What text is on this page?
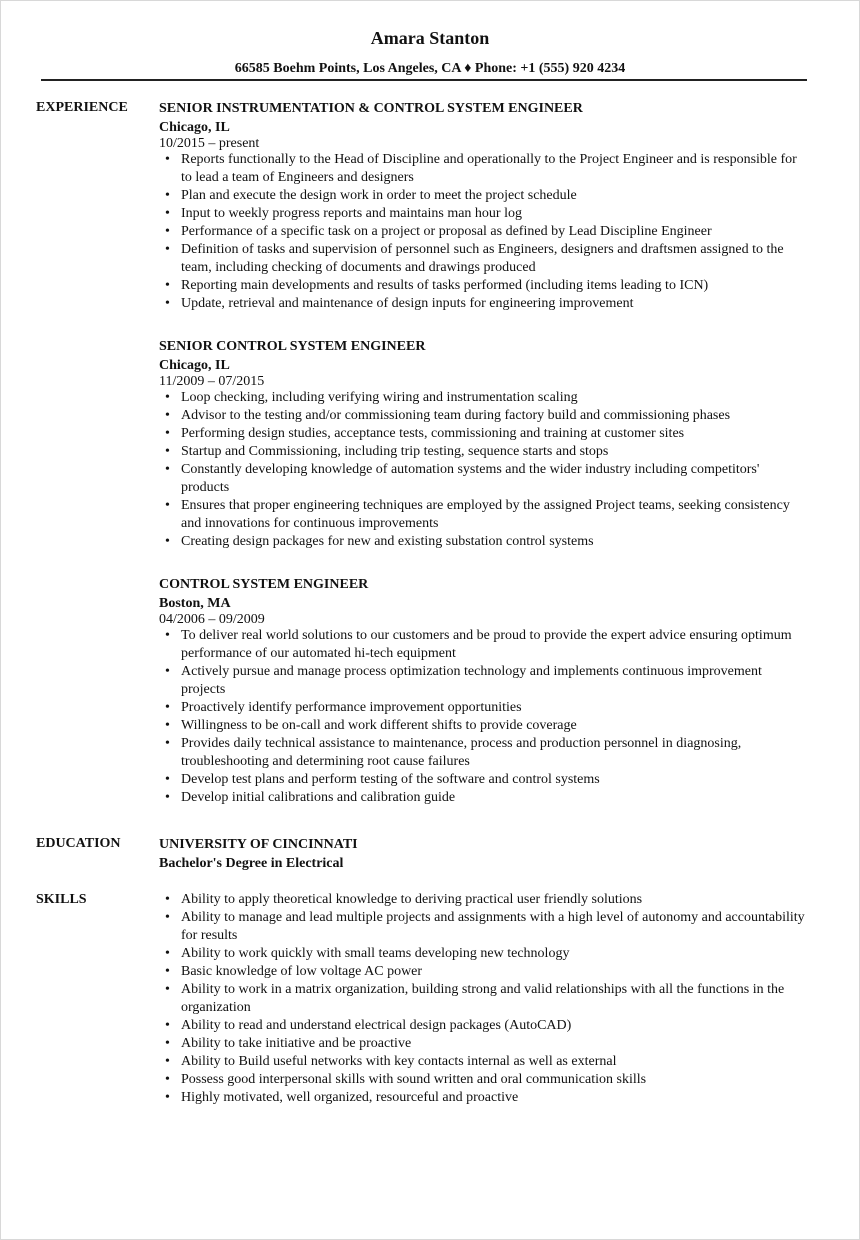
Amara Stanton
66585 Boehm Points, Los Angeles, CA ♦ Phone: +1 (555) 920 4234
EXPERIENCE SENIOR INSTRUMENTATION & CONTROL SYSTEM ENGINEER
Chicago, IL
10/2015 – present
• Reports functionally to the Head of Discipline and operationally to the Project Engineer and is responsible for to lead a team of Engineers and designers
• Plan and execute the design work in order to meet the project schedule
• Input to weekly progress reports and maintains man hour log
• Performance of a specific task on a project or proposal as defined by Lead Discipline Engineer
• Definition of tasks and supervision of personnel such as Engineers, designers and draftsmen assigned to the team, including checking of documents and drawings produced
• Reporting main developments and results of tasks performed (including items leading to ICN)
• Update, retrieval and maintenance of design inputs for engineering improvement
SENIOR CONTROL SYSTEM ENGINEER
Chicago, IL
11/2009 – 07/2015
• Loop checking, including verifying wiring and instrumentation scaling
• Advisor to the testing and/or commissioning team during factory build and commissioning phases
• Performing design studies, acceptance tests, commissioning and training at customer sites
• Startup and Commissioning, including trip testing, sequence starts and stops
• Constantly developing knowledge of automation systems and the wider industry including competitors' products
• Ensures that proper engineering techniques are employed by the assigned Project teams, seeking consistency and innovations for continuous improvements
• Creating design packages for new and existing substation control systems
CONTROL SYSTEM ENGINEER
Boston, MA
04/2006 – 09/2009
• To deliver real world solutions to our customers and be proud to provide the expert advice ensuring optimum performance of our automated hi-tech equipment
• Actively pursue and manage process optimization technology and implements continuous improvement projects
• Proactively identify performance improvement opportunities
• Willingness to be on-call and work different shifts to provide coverage
• Provides daily technical assistance to maintenance, process and production personnel in diagnosing, troubleshooting and determining root cause failures
• Develop test plans and perform testing of the software and control systems
• Develop initial calibrations and calibration guide
EDUCATION	UNIVERSITY OF CINCINNATI
Bachelor's Degree in Electrical
SKILLS
•	Ability to apply theoretical knowledge to deriving practical user friendly solutions
• Ability to manage and lead multiple projects and assignments with a high level of autonomy and accountability for results
• Ability to work quickly with small teams developing new technology
• Basic knowledge of low voltage AC power
• Ability to work in a matrix organization, building strong and valid relationships with all the functions in the organization
• Ability to read and understand electrical design packages (AutoCAD)
• Ability to take initiative and be proactive
• Ability to Build useful networks with key contacts internal as well as external
• Possess good interpersonal skills with sound written and oral communication skills
• Highly motivated, well organized, resourceful and proactive
